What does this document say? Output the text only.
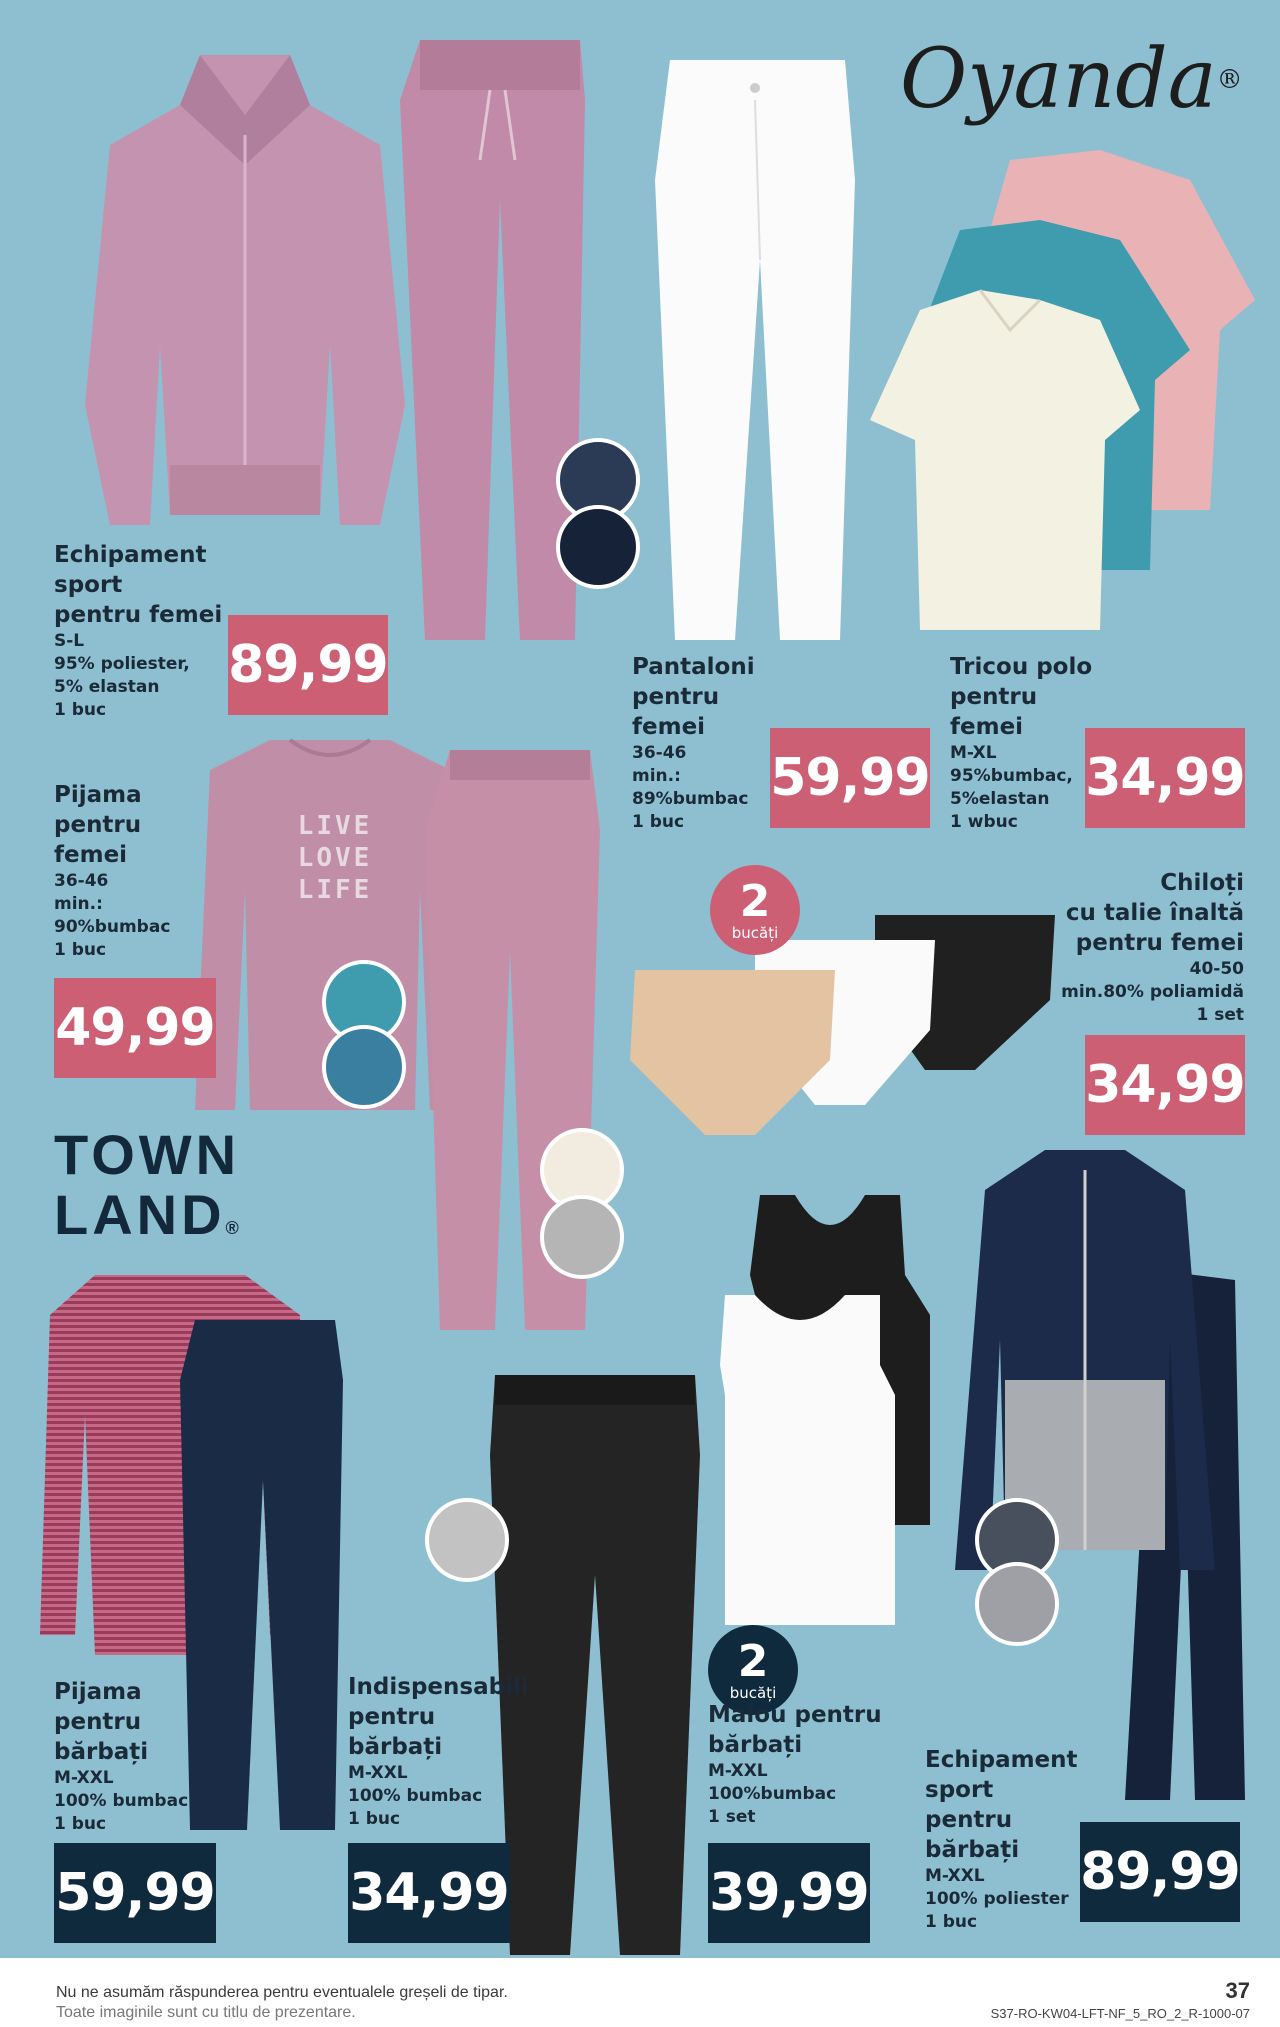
LIVE
LOVE
LIFE
Oyanda®
TOWN
LAND®
Echipament
sport
pentru femei
S-L
95% poliester,
5% elastan
1 buc
89,99	Pantaloni
pentru
femei
36-46
min.:
89%bumbac
1 buc
59,99
Tricou polo
pentru
femei
M-XL
95%bumbac,
5%elastan
1 wbuc
34,99
Pijama
pentru
femei
36-46
min.:
90%bumbac
1 buc
49,99
2
bucăți
Chiloți
cu talie înaltă
pentru femei
40-50
min.80% poliamidă
1 set
34,99
Pijama
pentru
bărbați
M-XXL
100% bumbac
1 buc
59,99
Indispensabili
pentru
bărbați
M-XXL
100% bumbac
1 buc
34,99
2
bucăți
Maiou pentru
bărbați
M-XXL
100%bumbac
1 set
39,99
Echipament
sport
pentru
bărbați
M-XXL
100% poliester
1 buc
89,99
Nu ne asumăm răspunderea pentru eventualele greșeli de tipar.
Toate imaginile sunt cu titlu de prezentare.
37
S37-RO-KW04-LFT-NF_5_RO_2_R-1000-07
